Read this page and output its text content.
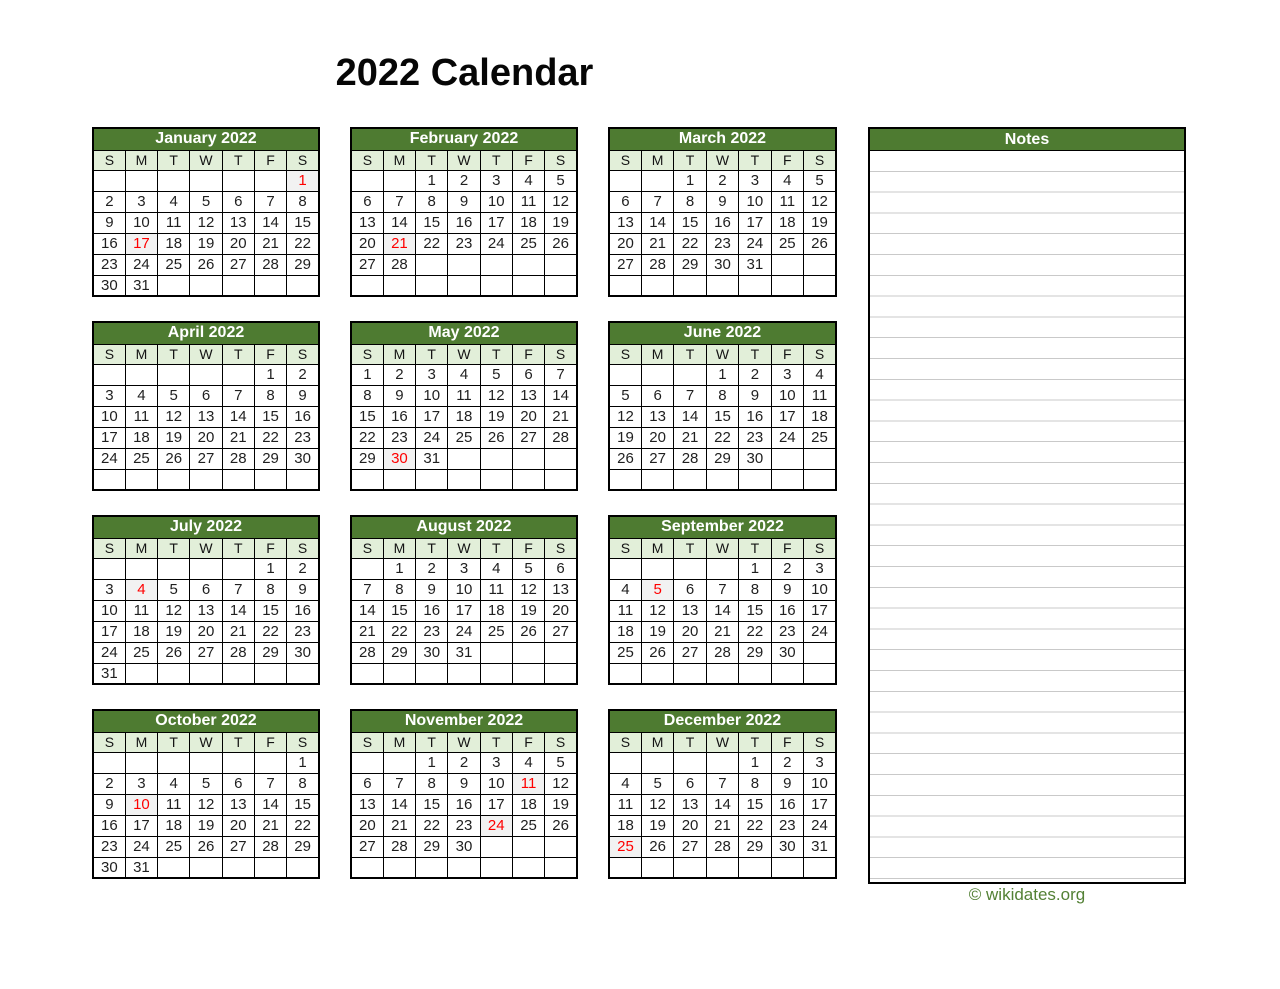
2022 Calendar
January 2022						
S	M	T	W	T	F	S
						1
2	3	4	5	6	7	8
9	10	11	12	13	14	15
16	17	18	19	20	21	22
23	24	25	26	27	28	29
30	31					
February 2022						
S	M	T	W	T	F	S
		1	2	3	4	5
6	7	8	9	10	11	12
13	14	15	16	17	18	19
20	21	22	23	24	25	26
27	28					

March 2022						
S	M	T	W	T	F	S
		1	2	3	4	5
6	7	8	9	10	11	12
13	14	15	16	17	18	19
20	21	22	23	24	25	26
27	28	29	30	31		

April 2022						
S	M	T	W	T	F	S
					1	2
3	4	5	6	7	8	9
10	11	12	13	14	15	16
17	18	19	20	21	22	23
24	25	26	27	28	29	30

May 2022						
S	M	T	W	T	F	S
1	2	3	4	5	6	7
8	9	10	11	12	13	14
15	16	17	18	19	20	21
22	23	24	25	26	27	28
29	30	31				

June 2022						
S	M	T	W	T	F	S
			1	2	3	4
5	6	7	8	9	10	11
12	13	14	15	16	17	18
19	20	21	22	23	24	25
26	27	28	29	30		

July 2022						
S	M	T	W	T	F	S
					1	2
3	4	5	6	7	8	9
10	11	12	13	14	15	16
17	18	19	20	21	22	23
24	25	26	27	28	29	30
31						
August 2022						
S	M	T	W	T	F	S
	1	2	3	4	5	6
7	8	9	10	11	12	13
14	15	16	17	18	19	20
21	22	23	24	25	26	27
28	29	30	31			

September 2022						
S	M	T	W	T	F	S
				1	2	3
4	5	6	7	8	9	10
11	12	13	14	15	16	17
18	19	20	21	22	23	24
25	26	27	28	29	30	

October 2022						
S	M	T	W	T	F	S
						1
2	3	4	5	6	7	8
9	10	11	12	13	14	15
16	17	18	19	20	21	22
23	24	25	26	27	28	29
30	31					
November 2022						
S	M	T	W	T	F	S
		1	2	3	4	5
6	7	8	9	10	11	12
13	14	15	16	17	18	19
20	21	22	23	24	25	26
27	28	29	30			

December 2022						
S	M	T	W	T	F	S
				1	2	3
4	5	6	7	8	9	10
11	12	13	14	15	16	17
18	19	20	21	22	23	24
25	26	27	28	29	30	31

Notes
© wikidates.org
